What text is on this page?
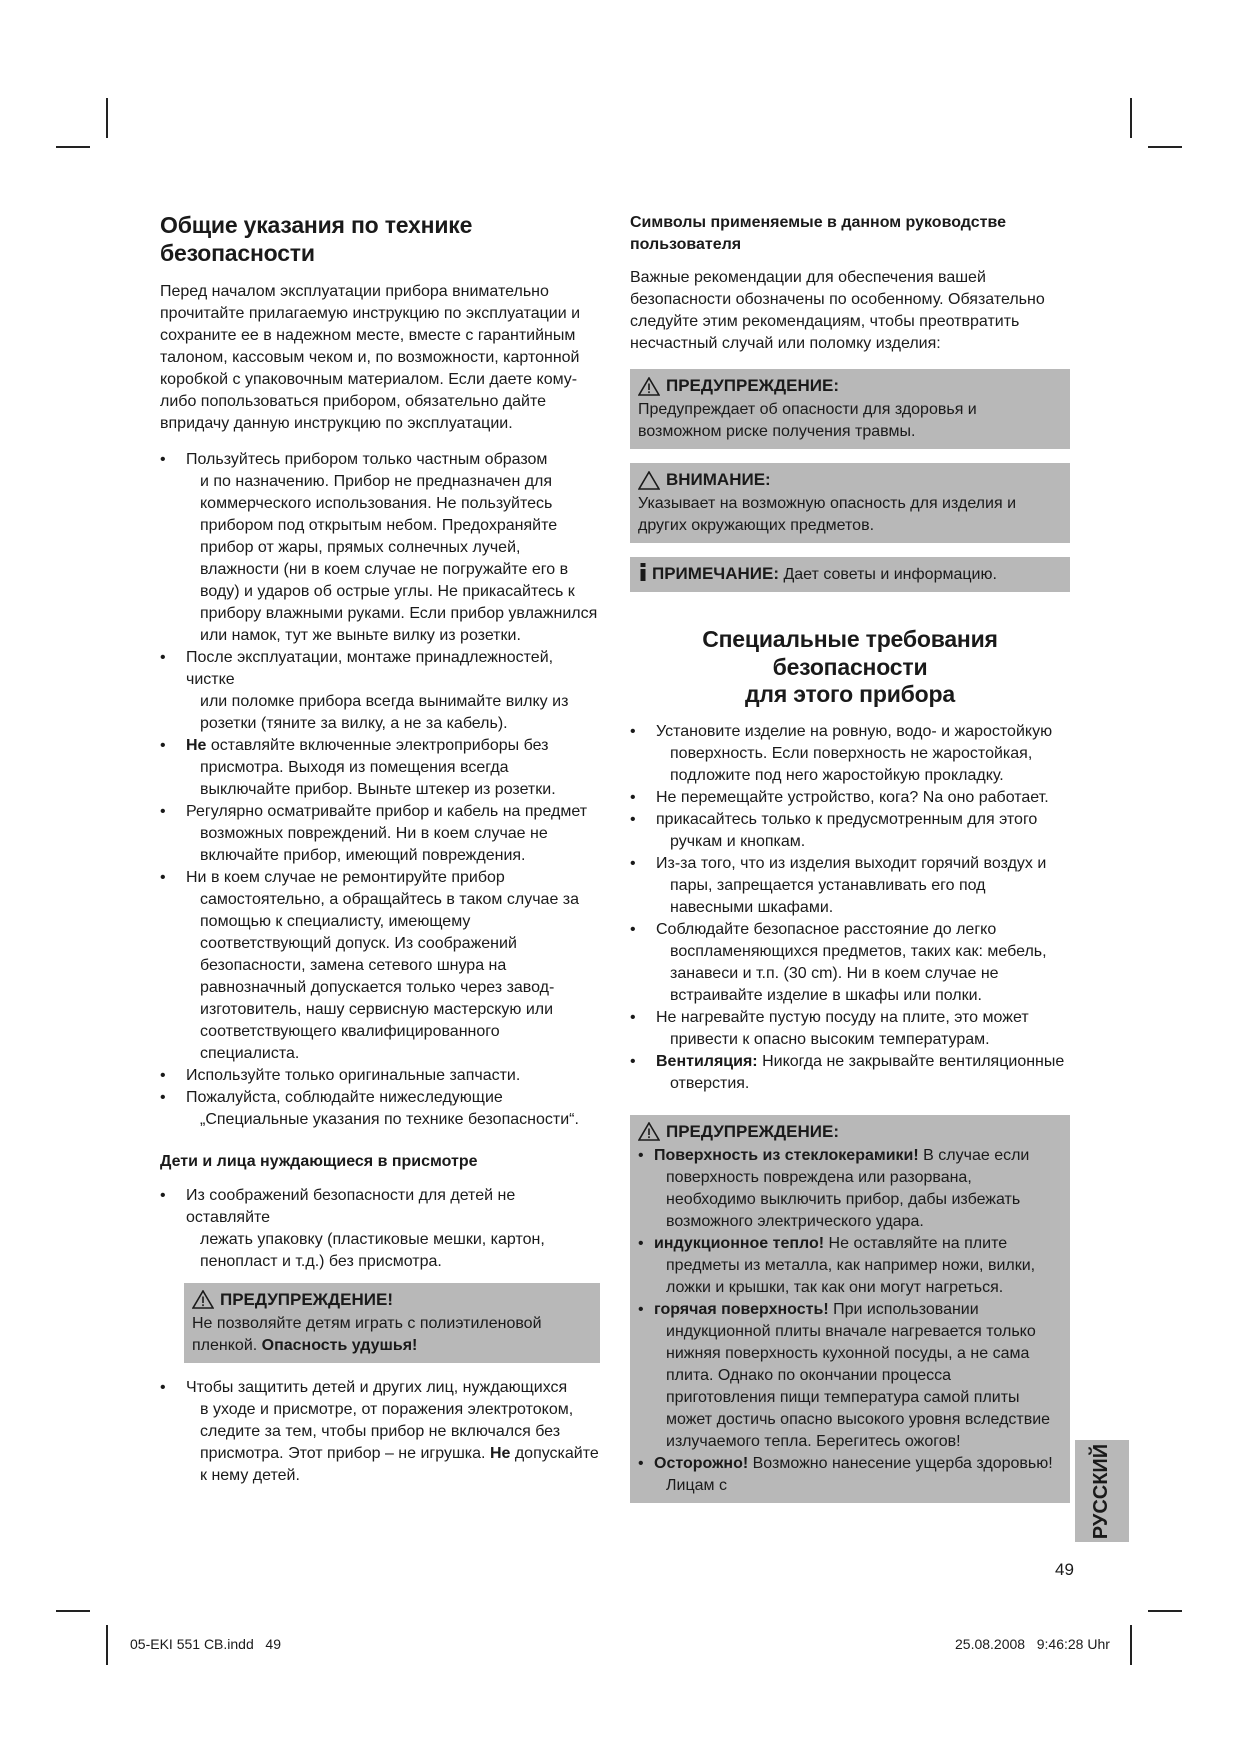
Общие указания по технике безопасности

Перед началом эксплуатации прибора внимательно прочитайте прилагаемую инструкцию по эксплуатации и сохраните ее в надежном месте, вместе с гарантийным талоном, кассовым чеком и, по возможности, картонной коробкой с упаковочным материалом. Если даете кому-либо попользоваться прибором, обязательно дайте впридачу данную инструкцию по эксплуатации.

• Пользуйтесь прибором только частным образом
и по назначению. Прибор не предназначен для коммерческого использования. Не пользуйтесь прибором под открытым небом. Предохраняйте прибор от жары, прямых солнечных лучей, влажности (ни в коем случае не погружайте его в воду) и ударов об острые углы. Не прикасайтесь к прибору влажными руками. Если прибор увлажнился или намок, тут же выньте вилку из розетки.
• После эксплуатации, монтаже принадлежностей, чистке
или поломке прибора всегда вынимайте вилку из розетки (тяните за вилку, а не за кабель).
• Не оставляйте включенные электроприборы без
присмотра. Выходя из помещения всегда выключайте прибор. Выньте штекер из розетки.
• Регулярно осматривайте прибор и кабель на предмет
возможных повреждений. Ни в коем случае не включайте прибор, имеющий повреждения.
• Ни в коем случае не ремонтируйте прибор
самостоятельно, а обращайтесь в таком случае за помощью к специалисту, имеющему соответствующий допуск. Из соображений безопасности, замена сетевого шнура на равнозначный допускается только через завод-изготовитель, нашу сервисную мастерскую или соответствующего квалифицированного специалиста.
• Используйте только оригинальные запчасти.
• Пожалуйста, соблюдайте нижеследующие
„Специальные указания по технике безопасности“.
Дети и лица нуждающиеся в присмотре
• Из соображений безопасности для детей не оставляйте
лежать упаковку (пластиковые мешки, картон, пенопласт и т.д.) без присмотра.
ПРЕДУПРЕЖДЕНИЕ!
Не позволяйте детям играть с полиэтиленовой пленкой. Опасность удушья!
• Чтобы защитить детей и других лиц, нуждающихся
в уходе и присмотре, от поражения электротоком, следите за тем, чтобы прибор не включался без присмотра. Этот прибор – не игрушка. Не допускайте к нему детей.
Символы применяемые в данном руководстве пользователя

Важные рекомендации для обеспечения вашей безопасности обозначены по особенному. Обязательно следуйте этим рекомендациям, чтобы преотвратить несчастный случай или поломку изделия:

ПРЕДУПРЕЖДЕНИЕ:
Предупреждает об опасности для здоровья и возможном риске получения травмы.
ВНИМАНИЕ:
Указывает на возможную опасность для изделия и других окружающих предметов.
ПРИМЕЧАНИЕ: Дает советы и информацию.
Специальные требования безопасности
для этого прибора
• Установите изделие на ровную, водо- и жаростойкую
поверхность. Если поверхность не жаростойкая, подложите под него жаростойкую прокладку.
• Не перемещайте устройство, кога? Na оно работает.
• прикасайтесь только к предусмотренным для этого
ручкам и кнопкам.
• Из-за того, что из изделия выходит горячий воздух и
пары, запрещается устанавливать его под навесными шкафами.
• Соблюдайте безопасное расстояние до легко
воспламеняющихся предметов, таких как: мебель, занавеси и т.п. (30 cm). Ни в коем случае не встраивайте изделие в шкафы или полки.
• Не нагревайте пустую посуду на плите, это может
привести к опасно высоким температурам.
• Вентиляция: Никогда не закрывайте вентиляционные
отверстия.
ПРЕДУПРЕЖДЕНИЕ:
• Поверхность из стеклокерамики! В случае если
поверхность повреждена или разорвана, необходимо выключить прибор, дабы избежать возможного электрического удара.
• индукционное тепло! Не оставляйте на плите
предметы из металла, как например ножи, вилки, ложки и крышки, так как они могут нагреться.
• горячая поверхность! При использовании
индукционной плиты вначале нагревается только нижняя поверхность кухонной посуды, а не сама плита. Однако по окончании процесса приготовления пищи температура самой плиты может достичь опасно высокого уровня вследствие излучаемого тепла. Берегитесь ожогов!
• Осторожно! Возможно нанесение ущерба здоровью!
Лицам с	РУССКИЙ
49
05-EKI 551 CB.indd   49	25.08.2008   9:46:28 Uhr
